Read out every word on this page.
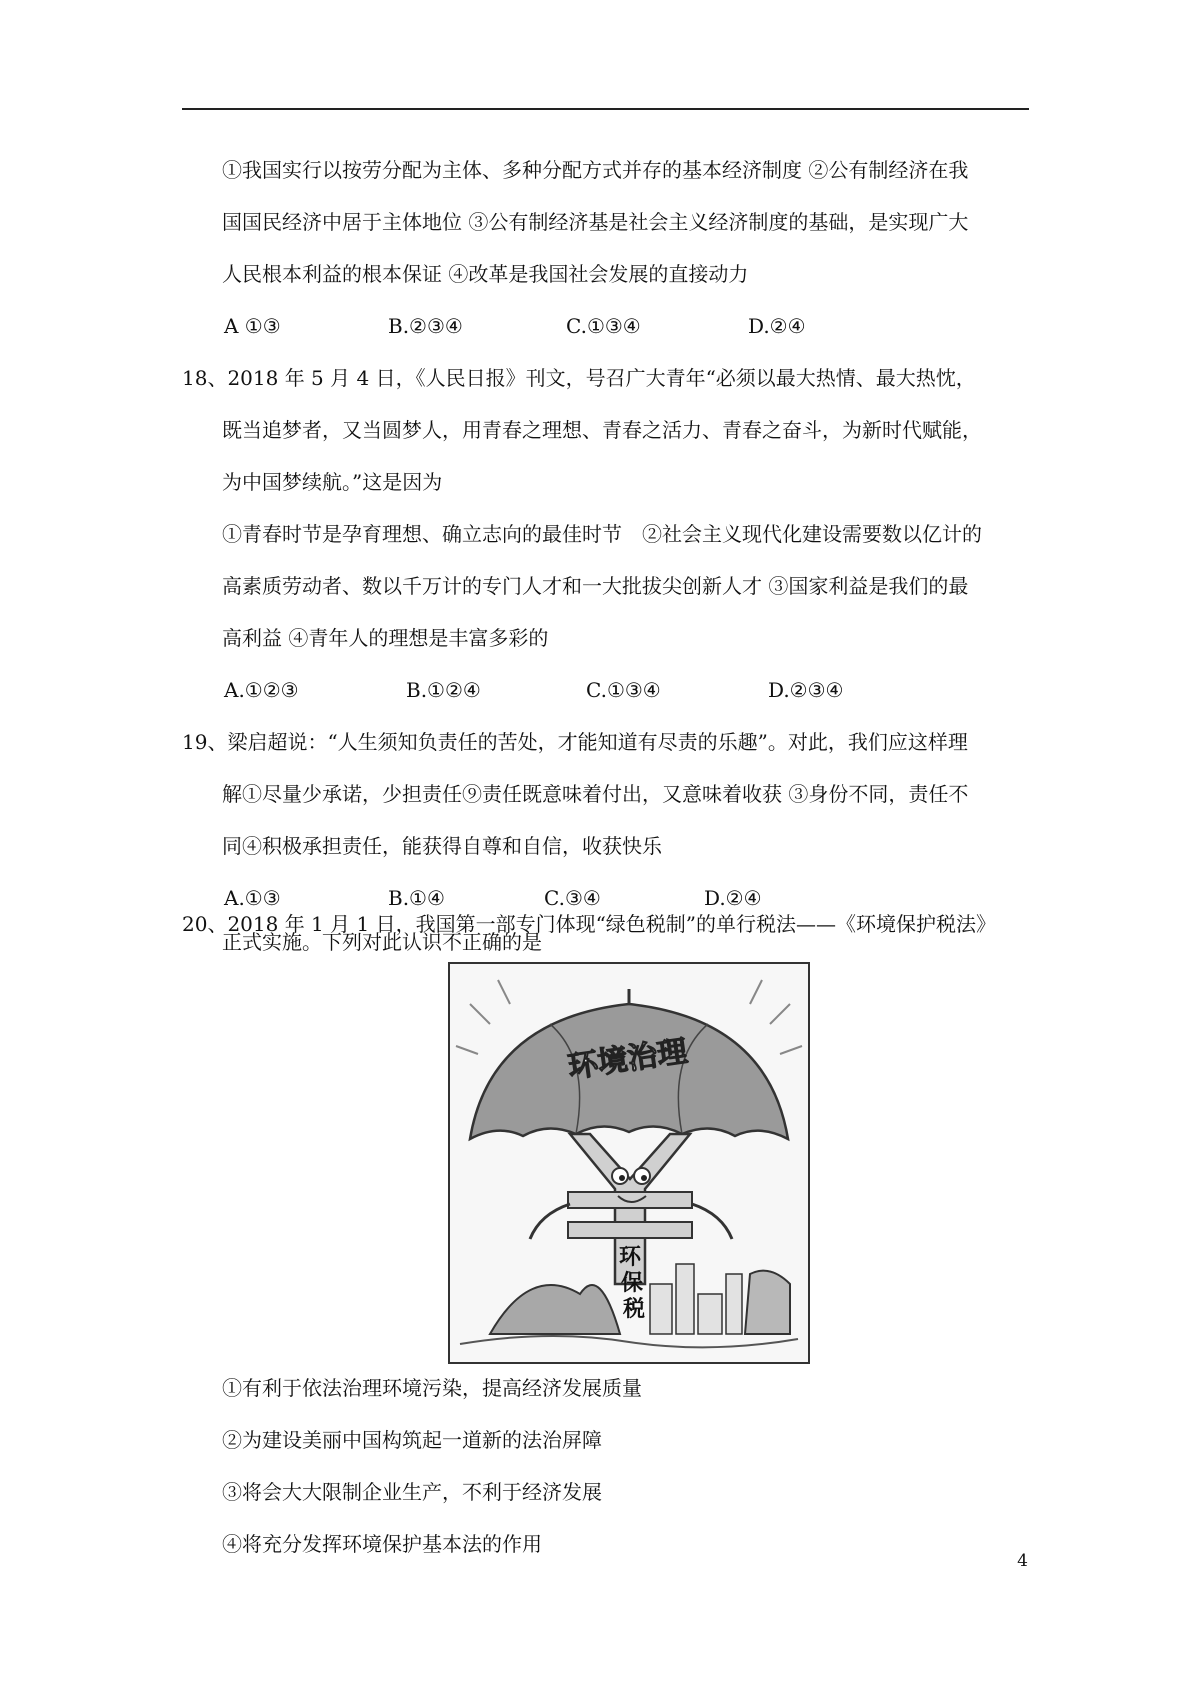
①我国实行以按劳分配为主体、多种分配方式并存的基本经济制度 ②公有制经济在我
国国民经济中居于主体地位 ③公有制经济基是社会主义经济制度的基础，是实现广大
人民根本利益的根本保证 ④改革是我国社会发展的直接动力
A ①③	B.②③④	C.①③④	D.②④
18、2018 年 5 月 4 日，《人民日报》刊文，号召广大青年“必须以最大热情、最大热忱，
既当追梦者，又当圆梦人，用青春之理想、青春之活力、青春之奋斗，为新时代赋能，
为中国梦续航。”这是因为
①青春时节是孕育理想、确立志向的最佳时节　②社会主义现代化建设需要数以亿计的
高素质劳动者、数以千万计的专门人才和一大批拔尖创新人才 ③国家利益是我们的最
高利益 ④青年人的理想是丰富多彩的
A.①②③	B.①②④	C.①③④	D.②③④
19、梁启超说：“人生须知负责任的苦处，才能知道有尽责的乐趣”。对此，我们应这样理
解①尽量少承诺，少担责任⑨责任既意味着付出，又意味着收获 ③身份不同，责任不
同④积极承担责任，能获得自尊和自信，收获快乐
A.①③	B.①④	C.③④	D.②④
20、2018 年 1 月 1 日，我国第一部专门体现“绿色税制”的单行税法——《环境保护税法》
正式实施。下列对此认识不正确的是
环境治理
环
保
税
①有利于依法治理环境污染，提高经济发展质量
②为建设美丽中国构筑起一道新的法治屏障
③将会大大限制企业生产，不利于经济发展
④将充分发挥环境保护基本法的作用
4
